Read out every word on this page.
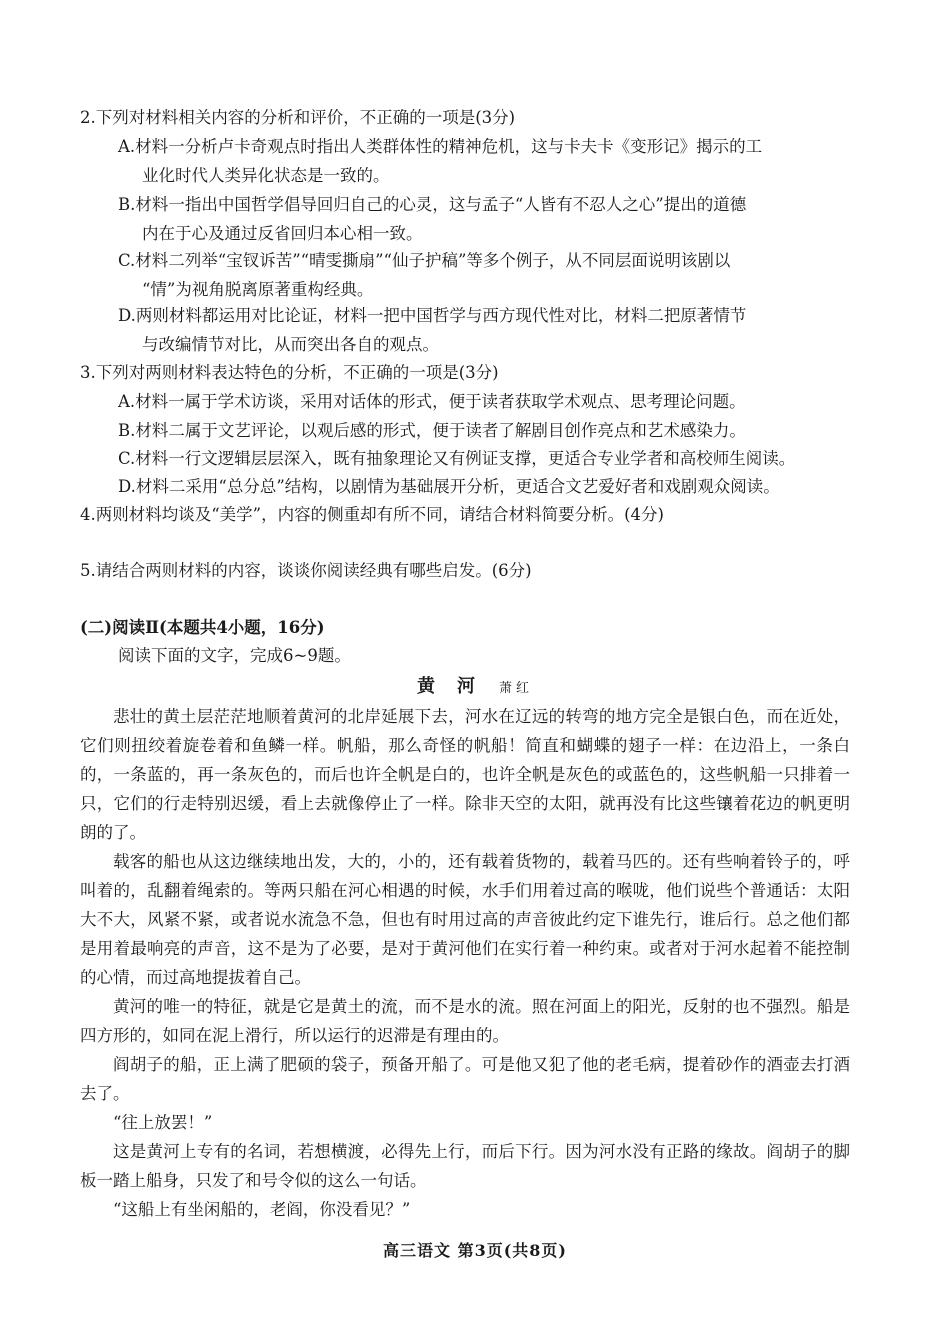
2.下列对材料相关内容的分析和评价，不正确的一项是(3分)
A.材料一分析卢卡奇观点时指出人类群体性的精神危机，这与卡夫卡《变形记》揭示的工
业化时代人类异化状态是一致的。
B.材料一指出中国哲学倡导回归自己的心灵，这与孟子“人皆有不忍人之心”提出的道德
内在于心及通过反省回归本心相一致。
C.材料二列举“宝钗诉苦”“晴雯撕扇”“仙子护稿”等多个例子，从不同层面说明该剧以
“情”为视角脱离原著重构经典。
D.两则材料都运用对比论证，材料一把中国哲学与西方现代性对比，材料二把原著情节
与改编情节对比，从而突出各自的观点。
3.下列对两则材料表达特色的分析，不正确的一项是(3分)
A.材料一属于学术访谈，采用对话体的形式，便于读者获取学术观点、思考理论问题。
B.材料二属于文艺评论，以观后感的形式，便于读者了解剧目创作亮点和艺术感染力。
C.材料一行文逻辑层层深入，既有抽象理论又有例证支撑，更适合专业学者和高校师生阅读。
D.材料二采用“总分总”结构，以剧情为基础展开分析，更适合文艺爱好者和戏剧观众阅读。
4.两则材料均谈及“美学”，内容的侧重却有所不同，请结合材料简要分析。(4分)
5.请结合两则材料的内容，谈谈你阅读经典有哪些启发。(6分)
(二)阅读Ⅱ(本题共4小题，16分)
阅读下面的文字，完成6~9题。
黄河 萧红

悲壮的黄土层茫茫地顺着黄河的北岸延展下去，河水在辽远的转弯的地方完全是银白色，而在近处，它们则扭绞着旋卷着和鱼鳞一样。帆船，那么奇怪的帆船！简直和蝴蝶的翅子一样：在边沿上，一条白的，一条蓝的，再一条灰色的，而后也许全帆是白的，也许全帆是灰色的或蓝色的，这些帆船一只排着一只，它们的行走特别迟缓，看上去就像停止了一样。除非天空的太阳，就再没有比这些镶着花边的帆更明朗的了。

载客的船也从这边继续地出发，大的，小的，还有载着货物的，载着马匹的。还有些响着铃子的，呼叫着的，乱翻着绳索的。等两只船在河心相遇的时候，水手们用着过高的喉咙，他们说些个普通话：太阳大不大，风紧不紧，或者说水流急不急，但也有时用过高的声音彼此约定下谁先行，谁后行。总之他们都是用着最响亮的声音，这不是为了必要，是对于黄河他们在实行着一种约束。或者对于河水起着不能控制的心情，而过高地提拔着自己。

黄河的唯一的特征，就是它是黄土的流，而不是水的流。照在河面上的阳光，反射的也不强烈。船是四方形的，如同在泥上滑行，所以运行的迟滞是有理由的。

阎胡子的船，正上满了肥硕的袋子，预备开船了。可是他又犯了他的老毛病，提着砂作的酒壶去打酒去了。

“往上放罢！”

这是黄河上专有的名词，若想横渡，必得先上行，而后下行。因为河水没有正路的缘故。阎胡子的脚板一踏上船身，只发了和号令似的这么一句话。

“这船上有坐闲船的，老阎，你没看见？”

高三语文 第3页(共8页)
